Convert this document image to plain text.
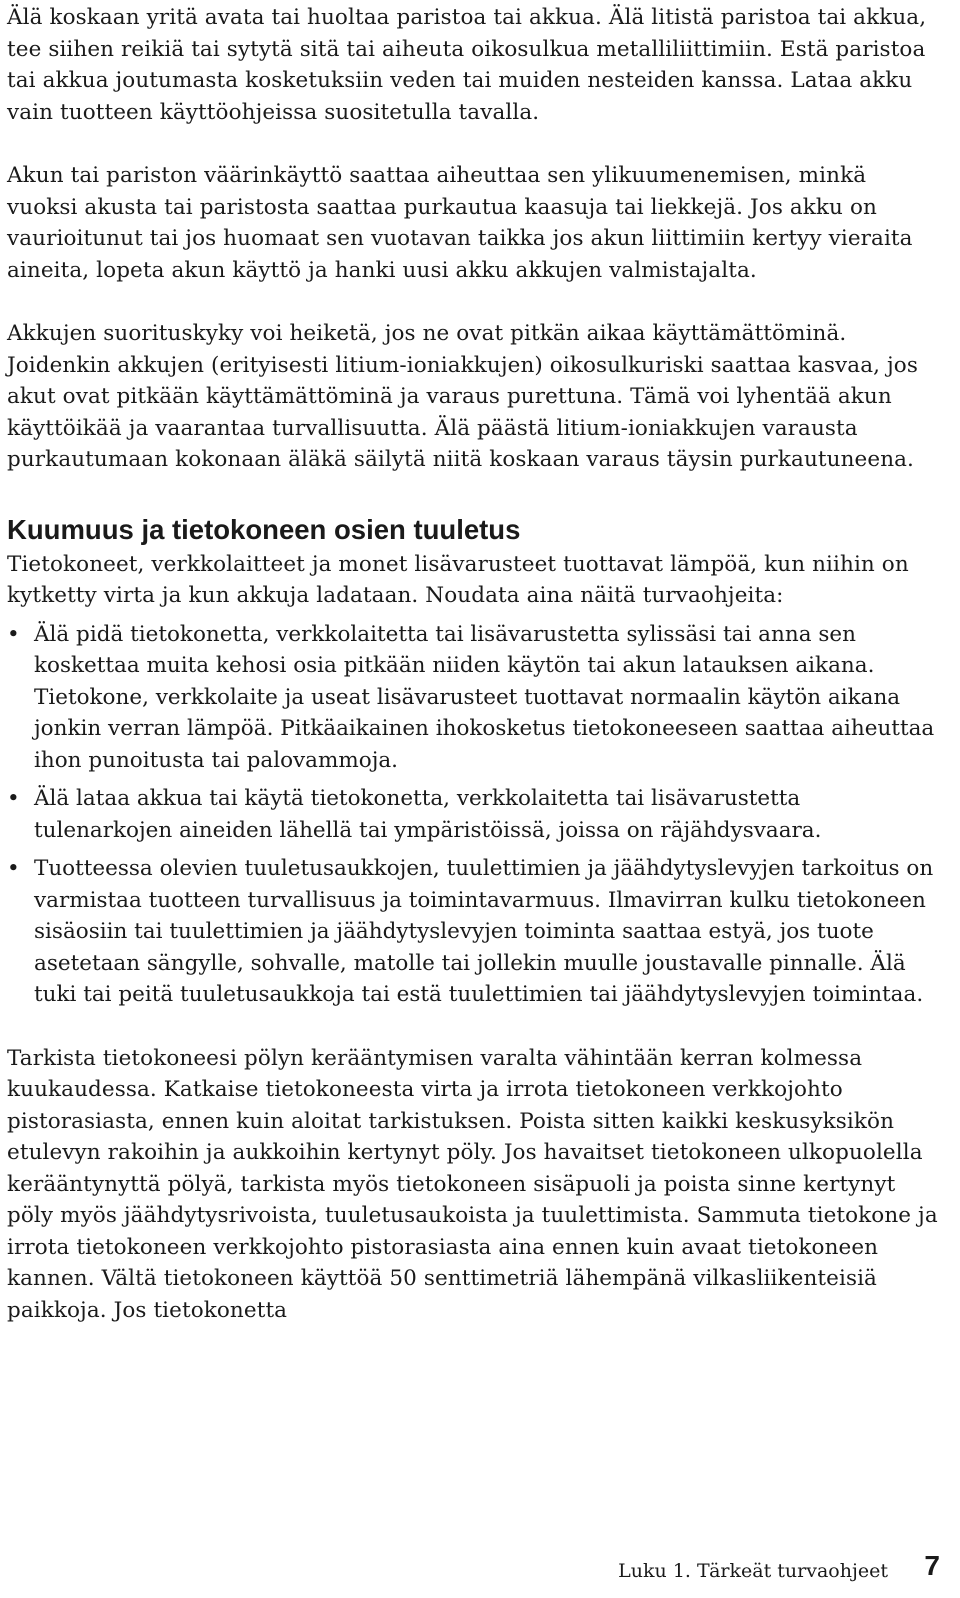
Älä koskaan yritä avata tai huoltaa paristoa tai akkua. Älä litistä paristoa tai akkua, tee siihen reikiä tai sytytä sitä tai aiheuta oikosulkua metalliliittimiin. Estä paristoa tai akkua joutumasta kosketuksiin veden tai muiden nesteiden kanssa. Lataa akku vain tuotteen käyttöohjeissa suositetulla tavalla.

Akun tai pariston väärinkäyttö saattaa aiheuttaa sen ylikuumenemisen, minkä vuoksi akusta tai paristosta saattaa purkautua kaasuja tai liekkejä. Jos akku on vaurioitunut tai jos huomaat sen vuotavan taikka jos akun liittimiin kertyy vieraita aineita, lopeta akun käyttö ja hanki uusi akku akkujen valmistajalta.

Akkujen suorituskyky voi heiketä, jos ne ovat pitkän aikaa käyttämättöminä. Joidenkin akkujen (erityisesti litium-ioniakkujen) oikosulkuriski saattaa kasvaa, jos akut ovat pitkään käyttämättöminä ja varaus purettuna. Tämä voi lyhentää akun käyttöikää ja vaarantaa turvallisuutta. Älä päästä litium-ioniakkujen varausta purkautumaan kokonaan äläkä säilytä niitä koskaan varaus täysin purkautuneena.

Kuumuus ja tietokoneen osien tuuletus

Tietokoneet, verkkolaitteet ja monet lisävarusteet tuottavat lämpöä, kun niihin on kytketty virta ja kun akkuja ladataan. Noudata aina näitä turvaohjeita:

• Älä pidä tietokonetta, verkkolaitetta tai lisävarustetta sylissäsi tai anna sen koskettaa muita kehosi osia pitkään niiden käytön tai akun latauksen aikana. Tietokone, verkkolaite ja useat lisävarusteet tuottavat normaalin käytön aikana jonkin verran lämpöä. Pitkäaikainen ihokosketus tietokoneeseen saattaa aiheuttaa ihon punoitusta tai palovammoja.
• Älä lataa akkua tai käytä tietokonetta, verkkolaitetta tai lisävarustetta tulenarkojen aineiden lähellä tai ympäristöissä, joissa on räjähdysvaara.
• Tuotteessa olevien tuuletusaukkojen, tuulettimien ja jäähdytyslevyjen tarkoitus on varmistaa tuotteen turvallisuus ja toimintavarmuus. Ilmavirran kulku tietokoneen sisäosiin tai tuulettimien ja jäähdytyslevyjen toiminta saattaa estyä, jos tuote asetetaan sängylle, sohvalle, matolle tai jollekin muulle joustavalle pinnalle. Älä tuki tai peitä tuuletusaukkoja tai estä tuulettimien tai jäähdytyslevyjen toimintaa.

Tarkista tietokoneesi pölyn kerääntymisen varalta vähintään kerran kolmessa kuukaudessa. Katkaise tietokoneesta virta ja irrota tietokoneen verkkojohto pistorasiasta, ennen kuin aloitat tarkistuksen. Poista sitten kaikki keskusyksikön etulevyn rakoihin ja aukkoihin kertynyt pöly. Jos havaitset tietokoneen ulkopuolella kerääntynyttä pölyä, tarkista myös tietokoneen sisäpuoli ja poista sinne kertynyt pöly myös jäähdytysrivoista, tuuletusaukoista ja tuulettimista. Sammuta tietokone ja irrota tietokoneen verkkojohto pistorasiasta aina ennen kuin avaat tietokoneen kannen. Vältä tietokoneen käyttöä 50 senttimetriä lähempänä vilkasliikenteisiä paikkoja. Jos tietokonetta

Luku 1. Tärkeät turvaohjeet 7
